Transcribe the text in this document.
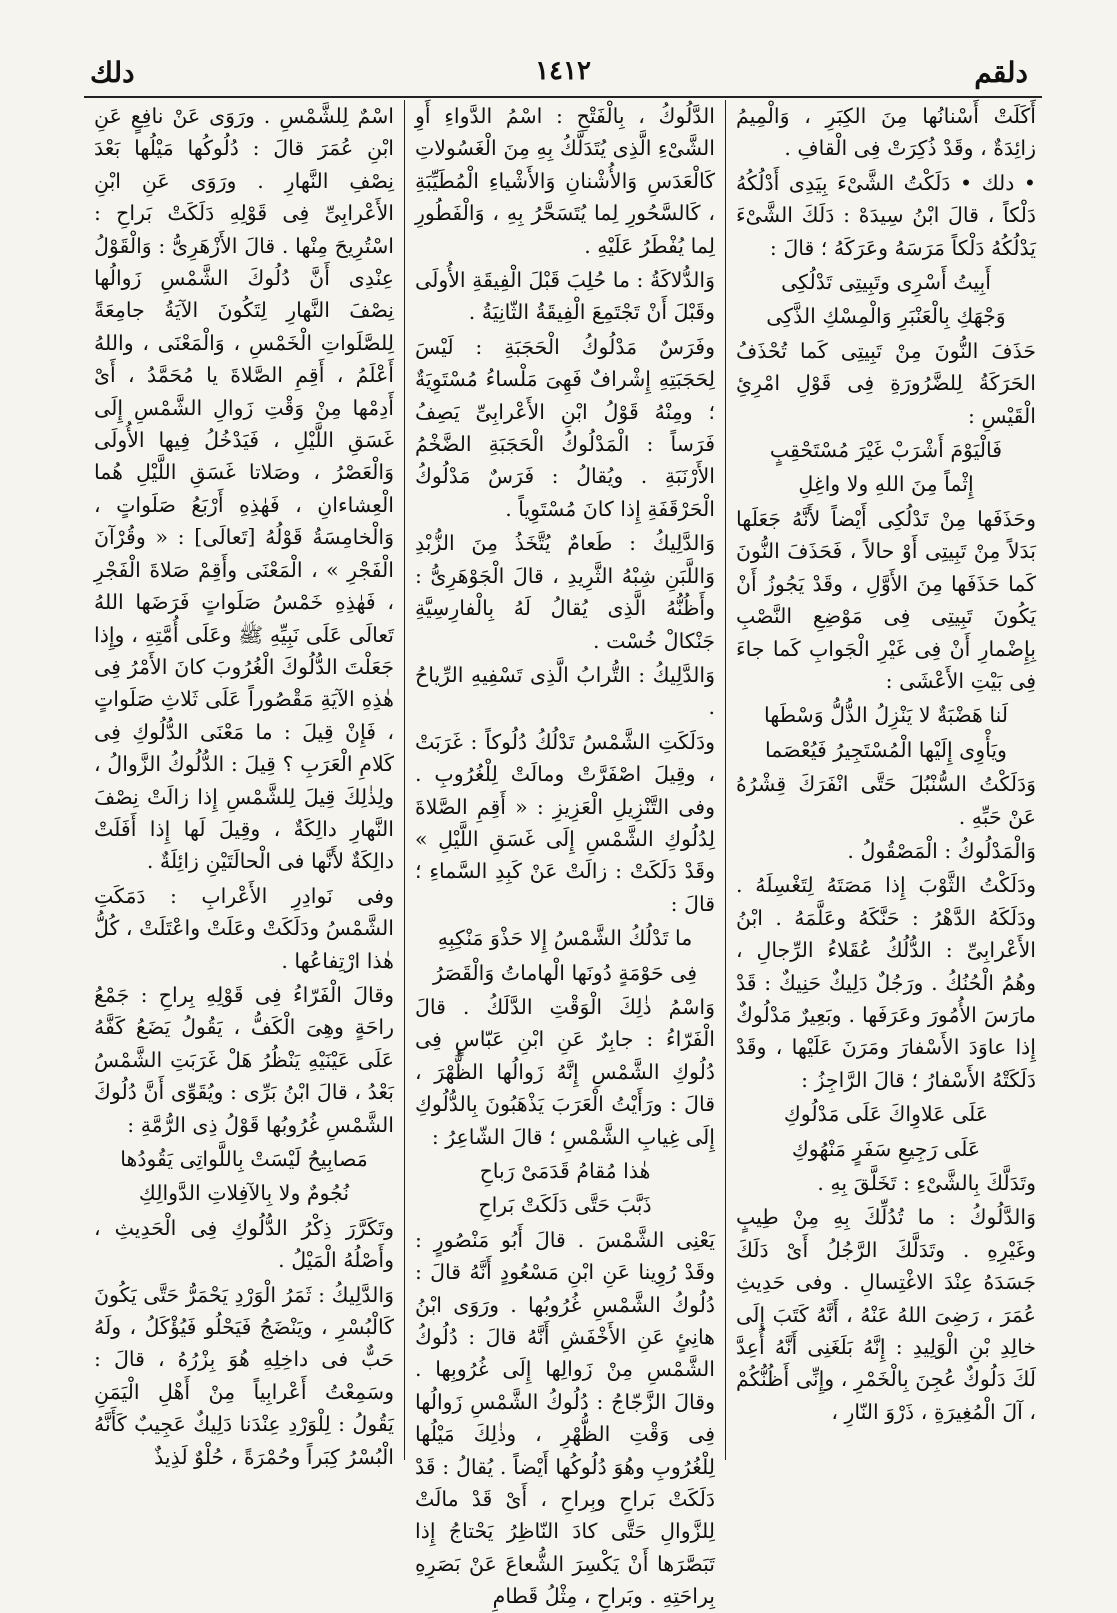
دلقم
١٤١٢
دلك

أَكَلَتْ أَسْنانُها مِنَ الكِبَرِ ، وَالْمِيمُ زائِدَةٌ ، وقَدْ ذُكِرَتْ فِى الْقافِ .

• دلك • دَلَكْتُ الشَّىْءَ بِيَدِى أَدْلُكُهُ دَلْكاً ، قالَ ابْنُ سِيدَهْ : دَلَكَ الشَّىْءَ يَدْلُكُهُ دَلْكاً مَرَسَهُ وعَرَكَهُ ؛ قالَ :

أَبِيتُ أَسْرِى وتَبِيتِى تَدْلُكِى

وَجْهَكِ بِالْعَنْبَرِ وَالْمِسْكِ الذَّكِى

حَذَفَ النُّونَ مِنْ تَبِيتِى كَما تُحْذَفُ الحَرَكَةُ لِلضَّرُورَةِ فِى قَوْلِ امْرِئِ الْقَيْسِ :

فَالْيَوْمَ أَشْرَبْ غَيْرَ مُسْتَحْقِبٍ

إِثْماً مِنَ اللهِ ولا واغِلِ

وحَذَفَها مِنْ تَدْلُكِى أَيْضاً لأَنَّهُ جَعَلَها بَدَلاً مِنْ تَبِيتِى أَوْ حالاً ، فَحَذَفَ النُّونَ كَما حَذَفَها مِنَ الأَوَّلِ ، وقَدْ يَجُوزُ أَنْ يَكُونَ تَبِيتِى فِى مَوْضِعِ النَّصْبِ بِإِضْمارِ أَنْ فِى غَيْرِ الْجَوابِ كَما جاءَ فِى بَيْتِ الأَعْشَى :

لَنا هَضْبَةٌ لا يَنْزِلُ الذُّلُّ وَسْطَها

ويَأْوِى إِلَيْها الْمُسْتَجِيرُ فَيُعْصَما

وَدَلَكْتُ السُّنْبُلَ حَتَّى انْفَرَكَ قِشْرُهُ عَنْ حَبِّهِ .

وَالْمَدْلُوكُ : الْمَصْقُولُ .

ودَلَكْتُ الثَّوْبَ إِذا مَصَتَهُ لِتَغْسِلَهُ . ودَلَكَهُ الدَّهْرُ : حَنَّكَهُ وعَلَّمَهُ . ابْنُ الأَعْرابِىِّ : الدُّلُكُ عُقَلاءُ الرِّجالِ ، وهُمُ الْحُنُكُ . ورَجُلٌ دَلِيكٌ حَنِيكٌ : قَدْ مارَسَ الأُمُورَ وعَرَفَها . وبَعِيرٌ مَدْلُوكٌ إِذا عاوَدَ الأَسْفارَ ومَرَنَ عَلَيْها ، وقَدْ دَلَكَتْهُ الأَسْفارُ ؛ قالَ الرَّاجِزُ :

عَلَى عَلاوِاكَ عَلَى مَدْلُوكِ

عَلَى رَجِيعِ سَفَرٍ مَنْهُوكِ

وتَدَلَّكَ بِالشَّىْءِ : تَخَلَّقَ بِهِ .

وَالدَّلُوكُ : ما تُدُلِّكَ بِهِ مِنْ طِيبٍ وغَيْرِهِ . وتَدَلَّكَ الرَّجُلُ أَىْ دَلَكَ جَسَدَهُ عِنْدَ الاغْتِسالِ . وفى حَدِيثِ عُمَرَ ، رَضِىَ اللهُ عَنْهُ ، أَنَّهُ كَتَبَ إِلَى خالِدِ بْنِ الْوَلِيدِ : إِنَّهُ بَلَغَنِى أَنَّهُ أُعِدَّ لَكَ دَلُوكٌ عُجِنَ بِالْخَمْرِ ، وإِنِّى أَظُنُّكُمْ ، آلَ الْمُغِيرَةِ ، ذَرْوَ النّارِ ،

الدَّلُوكُ ، بِالْفَتْحِ : اسْمُ الدَّواءِ أَوِ الشَّىْءِ الَّذِى يُتَدَلَّكُ بِهِ مِنَ الْغَسُولاتِ كَالْعَدَسِ وَالأُشْنانِ وَالأَشْياءِ الْمُطَيِّبَةِ ، كَالسَّحُورِ لِما يُتَسَحَّرُ بِهِ ، وَالْفَطُورِ لِما يُفْطَرُ عَلَيْهِ .

وَالدُّلاكَةُ : ما حُلِبَ قَبْلَ الْفِيقَةِ الأُولَى وقَبْلَ أَنْ تَجْتَمِعَ الْفِيقَةُ الثّانِيَةُ .

وفَرَسٌ مَدْلُوكُ الْحَجَبَةِ : لَيْسَ لِحَجَبَتِهِ إِشْرافٌ فَهِىَ مَلْساءُ مُسْتَوِيَةٌ ؛ ومِنْهُ قَوْلُ ابْنِ الأَعْرابِىِّ يَصِفُ فَرَساً : الْمَدْلُوكُ الْحَجَبَةِ الضَّخْمُ الأَرْنَبَةِ . ويُقالُ : فَرَسٌ مَدْلُوكُ الْحَرْقَفَةِ إِذا كانَ مُسْتَوِياً .

وَالدَّلِيكُ : طَعامٌ يُتَّخَذُ مِنَ الزُّبْدِ وَاللَّبَنِ شِبْهُ الثَّرِيدِ ، قالَ الْجَوْهَرِىُّ : وأَظُنُّهُ الَّذِى يُقالُ لَهُ بِالْفارِسِيَّةِ جَنْكالْ خُسْت .

وَالدَّلِيكُ : التُّرابُ الَّذِى تَسْفِيهِ الرِّياحُ .

ودَلَكَتِ الشَّمْسُ تَدْلُكُ دُلُوكاً : غَرَبَتْ ، وقِيلَ اصْفَرَّتْ ومالَتْ لِلْغُرُوبِ . وفى التَّنْزِيلِ الْعَزِيزِ : « أَقِمِ الصَّلاةَ لِدُلُوكِ الشَّمْسِ إِلَى غَسَقِ اللَّيْلِ » وقَدْ دَلَكَتْ : زالَتْ عَنْ كَبِدِ السَّماءِ ؛ قالَ :

ما تَدْلُكُ الشَّمْسُ إِلا حَذْوَ مَنْكِبِهِ

فِى حَوْمَةٍ دُونَها الْهاماتُ وَالْقَصَرُ

وَاسْمُ ذٰلِكَ الْوَقْتِ الدَّلَكُ . قالَ الْفَرّاءُ : جابِرٌ عَنِ ابْنِ عَبّاسٍ فِى دُلُوكِ الشَّمْسِ إِنَّهُ زَوالُها الظُّهْرَ ، قالَ : ورَأَيْتُ الْعَرَبَ يَذْهَبُونَ بِالدُّلُوكِ إِلَى غِيابِ الشَّمْسِ ؛ قالَ الشّاعِرُ :

هٰذا مُقامُ قَدَمَىْ رَباحِ

ذَبَّبَ حَتَّى دَلَكَتْ بَراحِ

يَعْنِى الشَّمْسَ . قالَ أَبُو مَنْصُورٍ : وقَدْ رُوِينا عَنِ ابْنِ مَسْعُودٍ أَنَّهُ قالَ : دُلُوكُ الشَّمْسِ غُرُوبُها . ورَوَى ابْنُ هانِئٍ عَنِ الأَخْفَشِ أَنَّهُ قالَ : دُلُوكُ الشَّمْسِ مِنْ زَوالِها إِلَى غُرُوبِها . وقالَ الزَّجّاجُ : دُلُوكُ الشَّمْسِ زَوالُها فِى وَقْتِ الظُّهْرِ ، وذٰلِكَ مَيْلُها لِلْغُرُوبِ وهُوَ دُلُوكُها أَيْضاً . يُقالُ : قَدْ دَلَكَتْ بَراحِ وبِراحِ ، أَىْ قَدْ مالَتْ لِلزَّوالِ حَتَّى كادَ النّاظِرُ يَحْتاجُ إِذا تَبَصَّرَها أَنْ يَكْسِرَ الشُّعاعَ عَنْ بَصَرِهِ بِراحَتِهِ . وبَراحِ ، مِثْلُ قَطامِ

اسْمٌ لِلشَّمْسِ . ورَوَى عَنْ نافِعٍ عَنِ ابْنِ عُمَرَ قالَ : دُلُوكُها مَيْلُها بَعْدَ نِصْفِ النَّهارِ . ورَوَى عَنِ ابْنِ الأَعْرابِىِّ فِى قَوْلِهِ دَلَكَتْ بَراحِ : اسْتُرِيحَ مِنْها . قالَ الأَزْهَرِىُّ : وَالْقَوْلُ عِنْدِى أَنَّ دُلُوكَ الشَّمْسِ زَوالُها نِصْفَ النَّهارِ لِتَكُونَ الآيَةُ جامِعَةً لِلصَّلَواتِ الْخَمْسِ ، وَالْمَعْنَى ، واللهُ أَعْلَمُ ، أَقِمِ الصَّلاةَ يا مُحَمَّدُ ، أَىْ أَدِمْها مِنْ وَقْتِ زَوالِ الشَّمْسِ إِلَى غَسَقِ اللَّيْلِ ، فَيَدْخُلُ فِيها الأُولَى وَالْعَصْرُ ، وصَلاتا غَسَقِ اللَّيْلِ هُما الْعِشاءانِ ، فَهٰذِهِ أَرْبَعُ صَلَواتٍ ، وَالْخامِسَةُ قَوْلُهُ [تَعالَى] : « وقُرْآنَ الْفَجْرِ » ، الْمَعْنَى وأَقِمْ صَلاةَ الْفَجْرِ ، فَهٰذِهِ خَمْسُ صَلَواتٍ فَرَضَها اللهُ تَعالَى عَلَى نَبِيِّهِ ﷺ وعَلَى أُمَّتِهِ ، وإِذا جَعَلْتَ الدُّلُوكَ الْغُرُوبَ كانَ الأَمْرُ فِى هٰذِهِ الآيَةِ مَقْصُوراً عَلَى ثَلاثِ صَلَواتٍ ، فَإِنْ قِيلَ : ما مَعْنَى الدُّلُوكِ فِى كَلامِ الْعَرَبِ ؟ قِيلَ : الدُّلُوكُ الزَّوالُ ، ولِذٰلِكَ قِيلَ لِلشَّمْسِ إِذا زالَتْ نِصْفَ النَّهارِ دالِكَةٌ ، وقِيلَ لَها إِذا أَفَلَتْ دالِكَةٌ لأَنَّها فى الْحالَتَيْنِ زائِلَةٌ .

وفى نَوادِرِ الأَعْرابِ : دَمَكَتِ الشَّمْسُ ودَلَكَتْ وعَلَتْ واعْتَلَتْ ، كُلُّ هٰذا ارْتِفاعُها .

وقالَ الْفَرّاءُ فِى قَوْلِهِ بِراحِ : جَمْعُ راحَةٍ وهِىَ الْكَفُّ ، يَقُولُ يَضَعُ كَفَّهُ عَلَى عَيْنَيْهِ يَنْظُرُ هَلْ غَرَبَتِ الشَّمْسُ بَعْدُ ، قالَ ابْنُ بَرِّى : ويُقَوِّى أَنَّ دُلُوكَ الشَّمْسِ غُرُوبُها قَوْلُ ذِى الرُّمَّةِ :

مَصابِيحُ لَيْسَتْ بِاللَّواتِى يَقُودُها

نُجُومٌ ولا بِالآفِلاتِ الدَّوالِكِ

وتَكَرَّرَ ذِكْرُ الدُّلُوكِ فِى الْحَدِيثِ ، وأَصْلُهُ الْمَيْلُ .

وَالدَّلِيكُ : ثَمَرُ الْوَرْدِ يَحْمَرُّ حَتَّى يَكُونَ كَالْبُسْرِ ، ويَنْضَجُ فَيَحْلُو فَيُؤْكَلُ ، ولَهُ حَبٌّ فى داخِلِهِ هُوَ بِزْرُهُ ، قالَ : وسَمِعْتُ أَعْرابِياً مِنْ أَهْلِ الْيَمَنِ يَقُولُ : لِلْوَرْدِ عِنْدَنا دَلِيكٌ عَجِيبٌ كَأَنَّهُ الْبُسْرُ كِبَراً وحُمْرَةً ، حُلْوٌ لَذِيذٌ
